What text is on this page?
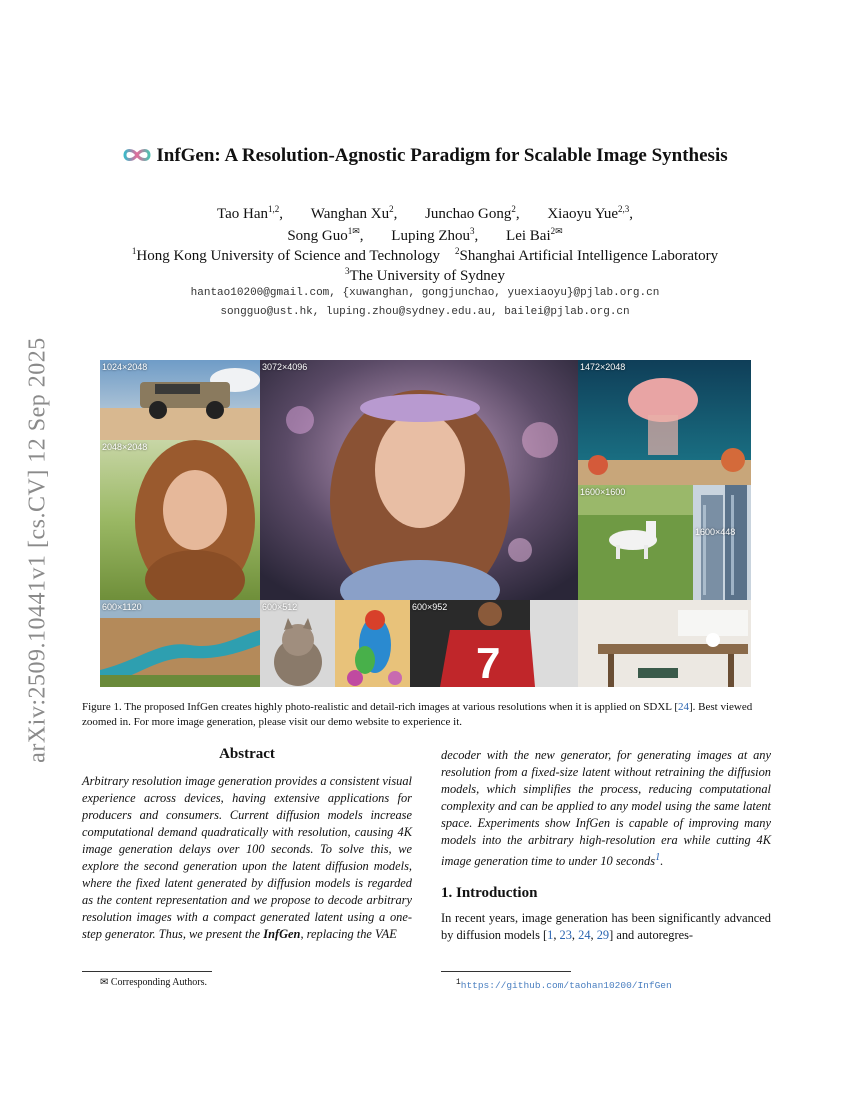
arXiv:2509.10441v1 [cs.CV] 12 Sep 2025
InfGen: A Resolution-Agnostic Paradigm for Scalable Image Synthesis
Tao Han$^{1,2}$, Wanghan Xu$^2$, Junchao Gong$^2$, Xiaoyu Yue$^{2,3}$,
Song Guo$^{1✉}$, Luping Zhou$^3$, Lei Bai$^{2✉}$
$^1$Hong Kong University of Science and Technology $^2$Shanghai Artificial Intelligence Laboratory
$^3$The University of Sydney
hantao10200@gmail.com, {xuwanghan, gongjunchao, yuexiaoyu}@pjlab.org.cn
songguo@ust.hk, luping.zhou@sydney.edu.au, bailei@pjlab.org.cn
1024×2048
2048×2048
3072×4096	1472×2048
1600×1600
1600×448
600×1120	600×512
7
600×952
Figure 1. The proposed InfGen creates highly photo-realistic and detail-rich images at various resolutions when it is applied on SDXL [24]. Best viewed zoomed in. For more image generation, please visit our demo website to experience it.
Abstract
Arbitrary resolution image generation provides a consistent visual experience across devices, having extensive applications for producers and consumers. Current diffusion models increase computational demand quadratically with resolution, causing 4K image generation delays over 100 seconds. To solve this, we explore the second generation upon the latent diffusion models, where the fixed latent generated by diffusion models is regarded as the content representation and we propose to decode arbitrary resolution images with a compact generated latent using a one-step generator. Thus, we present the InfGen, replacing the VAE
decoder with the new generator, for generating images at any resolution from a fixed-size latent without retraining the diffusion models, which simplifies the process, reducing computational complexity and can be applied to any model using the same latent space. Experiments show InfGen is capable of improving many models into the arbitrary high-resolution era while cutting 4K image generation time to under 10 seconds$^1$.
1. Introduction
In recent years, image generation has been significantly advanced by diffusion models [1, 23, 24, 29] and autoregres-
✉ Corresponding Authors.	$^1$https://github.com/taohan10200/InfGen
